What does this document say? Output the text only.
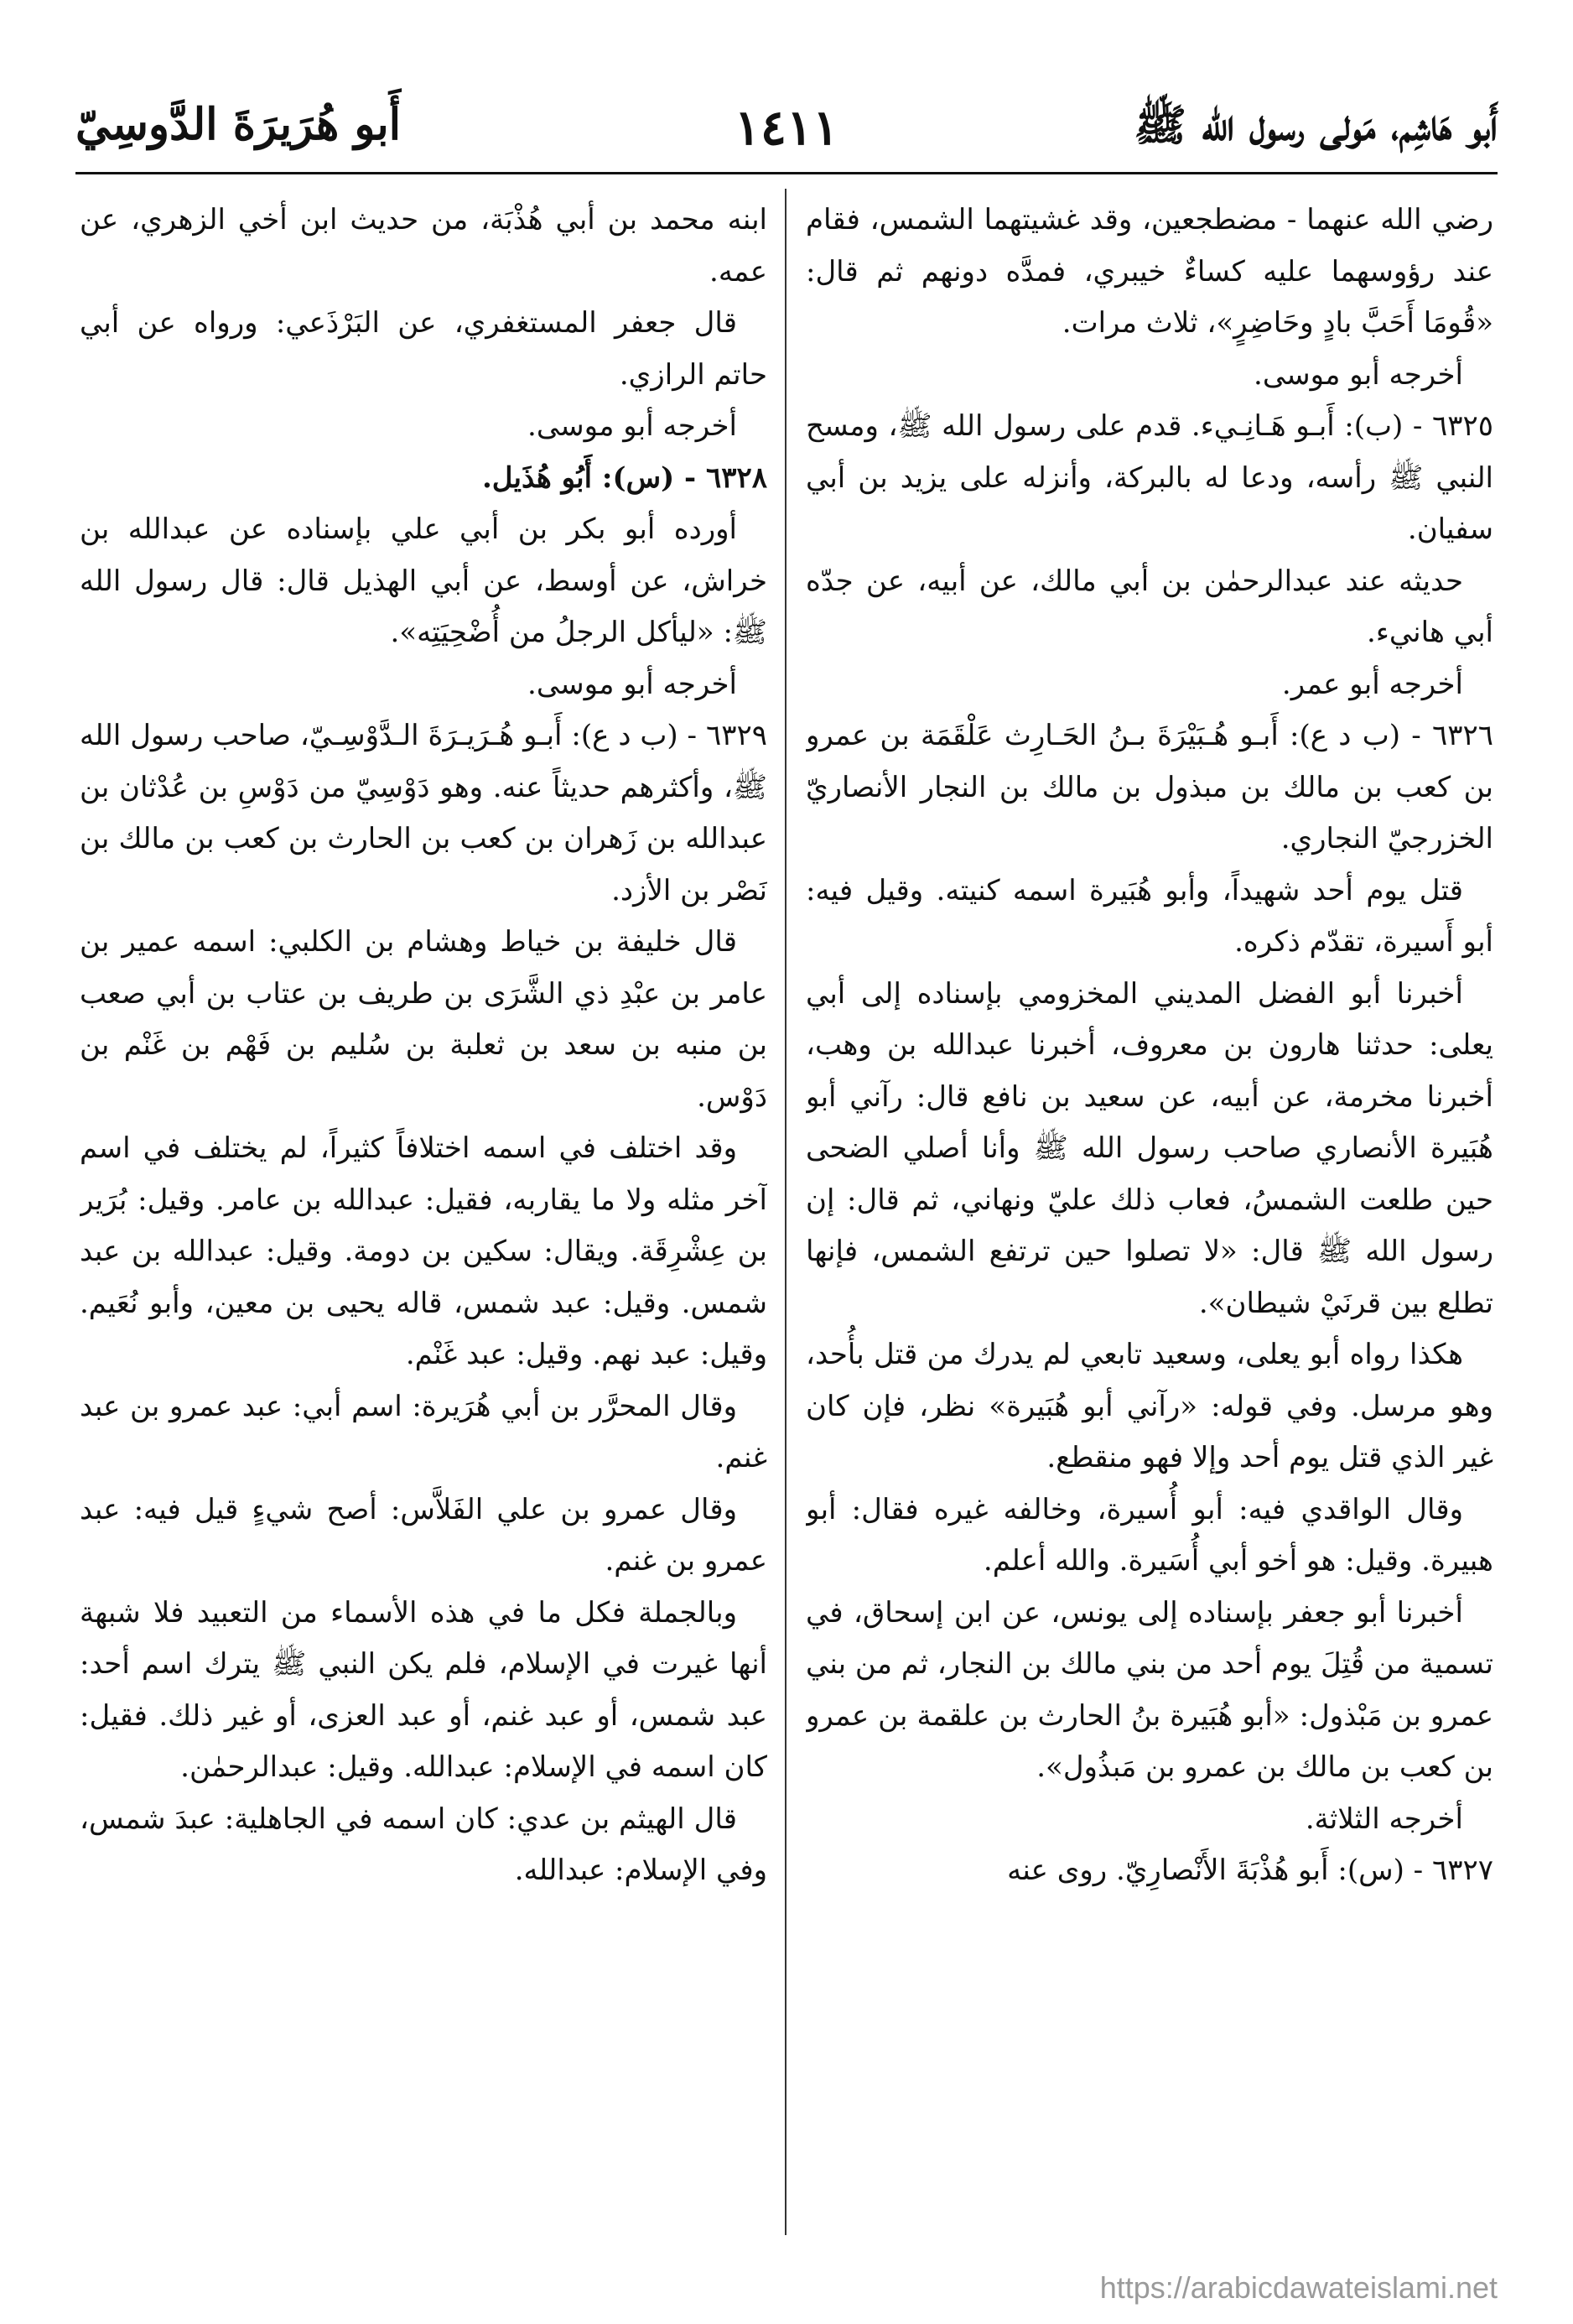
أَبو هَاشِم، مَولى رسول الله ﷺ
١٤١١
أَبو هُرَيرَةَ الدَّوسِيّ

رضي الله عنهما - مضطجعين، وقد غشيتهما الشمس، فقام عند رؤوسهما عليه كساءٌ خيبري، فمدَّه دونهم ثم قال: «قُومَا أَحَبَّ بادٍ وحَاضِرٍ»، ثلاث مرات.

أخرجه أبو موسى.

٦٣٢٥ - (ب): أَبـو هَـانِـيء. قدم على رسول الله ﷺ، ومسح النبي ﷺ رأسه، ودعا له بالبركة، وأنزله على يزيد بن أبي سفيان.

حديثه عند عبدالرحمٰن بن أبي مالك، عن أبيه، عن جدّه أبي هانيء.

أخرجه أبو عمر.

٦٣٢٦ - (ب د ع): أَبـو هُـبَيْرَةَ بـنُ الحَـارِث عَلْقَمَة بن عمرو بن كعب بن مالك بن مبذول بن مالك بن النجار الأنصاريّ الخزرجيّ النجاري.

قتل يوم أحد شهيداً، وأبو هُبَيرة اسمه كنيته. وقيل فيه: أبو أَسيرة، تقدّم ذكره.

أخبرنا أبو الفضل المديني المخزومي بإسناده إلى أبي يعلى: حدثنا هارون بن معروف، أخبرنا عبدالله بن وهب، أخبرنا مخرمة، عن أبيه، عن سعيد بن نافع قال: رآني أبو هُبَيرة الأنصاري صاحب رسول الله ﷺ وأنا أصلي الضحى حين طلعت الشمسُ، فعاب ذلك عليّ ونهاني، ثم قال: إن رسول الله ﷺ قال: «لا تصلوا حين ترتفع الشمس، فإنها تطلع بين قرنَيْ شيطان».

هكذا رواه أبو يعلى، وسعيد تابعي لم يدرك من قتل بأُحد، وهو مرسل. وفي قوله: «رآني أبو هُبَيرة» نظر، فإن كان غير الذي قتل يوم أحد وإلا فهو منقطع.

وقال الواقدي فيه: أبو أُسيرة، وخالفه غيره فقال: أبو هبيرة. وقيل: هو أخو أبي أُسَيرة. والله أعلم.

أخبرنا أبو جعفر بإسناده إلى يونس، عن ابن إسحاق، في تسمية من قُتِلَ يوم أحد من بني مالك بن النجار، ثم من بني عمرو بن مَبْذول: «أبو هُبَيرة بنُ الحارث بن علقمة بن عمرو بن كعب بن مالك بن عمرو بن مَبذُول».

أخرجه الثلاثة.

٦٣٢٧ - (س): أَبو هُذْبَةَ الأَنْصارِيّ. روى عنه

ابنه محمد بن أبي هُذْبَة، من حديث ابن أخي الزهري، عن عمه.

قال جعفر المستغفري، عن البَرْذَعي: ورواه عن أبي حاتم الرازي.

أخرجه أبو موسى.

٦٣٢٨ - (س): أَبُو هُذَيل.

أورده أبو بكر بن أبي علي بإسناده عن عبدالله بن خراش، عن أوسط، عن أبي الهذيل قال: قال رسول الله ﷺ: «ليأكل الرجلُ من أُضْحِيَتِه».

أخرجه أبو موسى.

٦٣٢٩ - (ب د ع): أَبـو هُـرَيـرَةَ الـدَّوْسِـيّ، صاحب رسول الله ﷺ، وأكثرهم حديثاً عنه. وهو دَوْسِيّ من دَوْسِ بن عُدْثان بن عبدالله بن زَهران بن كعب بن الحارث بن كعب بن مالك بن نَصْر بن الأزد.

قال خليفة بن خياط وهشام بن الكلبي: اسمه عمير بن عامر بن عبْدِ ذي الشَّرَى بن طريف بن عتاب بن أبي صعب بن منبه بن سعد بن ثعلبة بن سُليم بن فَهْم بن غَنْم بن دَوْس.

وقد اختلف في اسمه اختلافاً كثيراً، لم يختلف في اسم آخر مثله ولا ما يقاربه، فقيل: عبدالله بن عامر. وقيل: بُرَير بن عِشْرِقَة. ويقال: سكين بن دومة. وقيل: عبدالله بن عبد شمس. وقيل: عبد شمس، قاله يحيى بن معين، وأبو نُعَيم. وقيل: عبد نهم. وقيل: عبد غَنْم.

وقال المحرَّر بن أبي هُرَيرة: اسم أبي: عبد عمرو بن عبد غنم.

وقال عمرو بن علي الفَلاَّس: أصح شيءٍ قيل فيه: عبد عمرو بن غنم.

وبالجملة فكل ما في هذه الأسماء من التعبيد فلا شبهة أنها غيرت في الإسلام، فلم يكن النبي ﷺ يترك اسم أحد: عبد شمس، أو عبد غنم، أو عبد العزى، أو غير ذلك. فقيل: كان اسمه في الإسلام: عبدالله. وقيل: عبدالرحمٰن.

قال الهيثم بن عدي: كان اسمه في الجاهلية: عبدَ شمس، وفي الإسلام: عبدالله.

https://arabicdawateislami.net
